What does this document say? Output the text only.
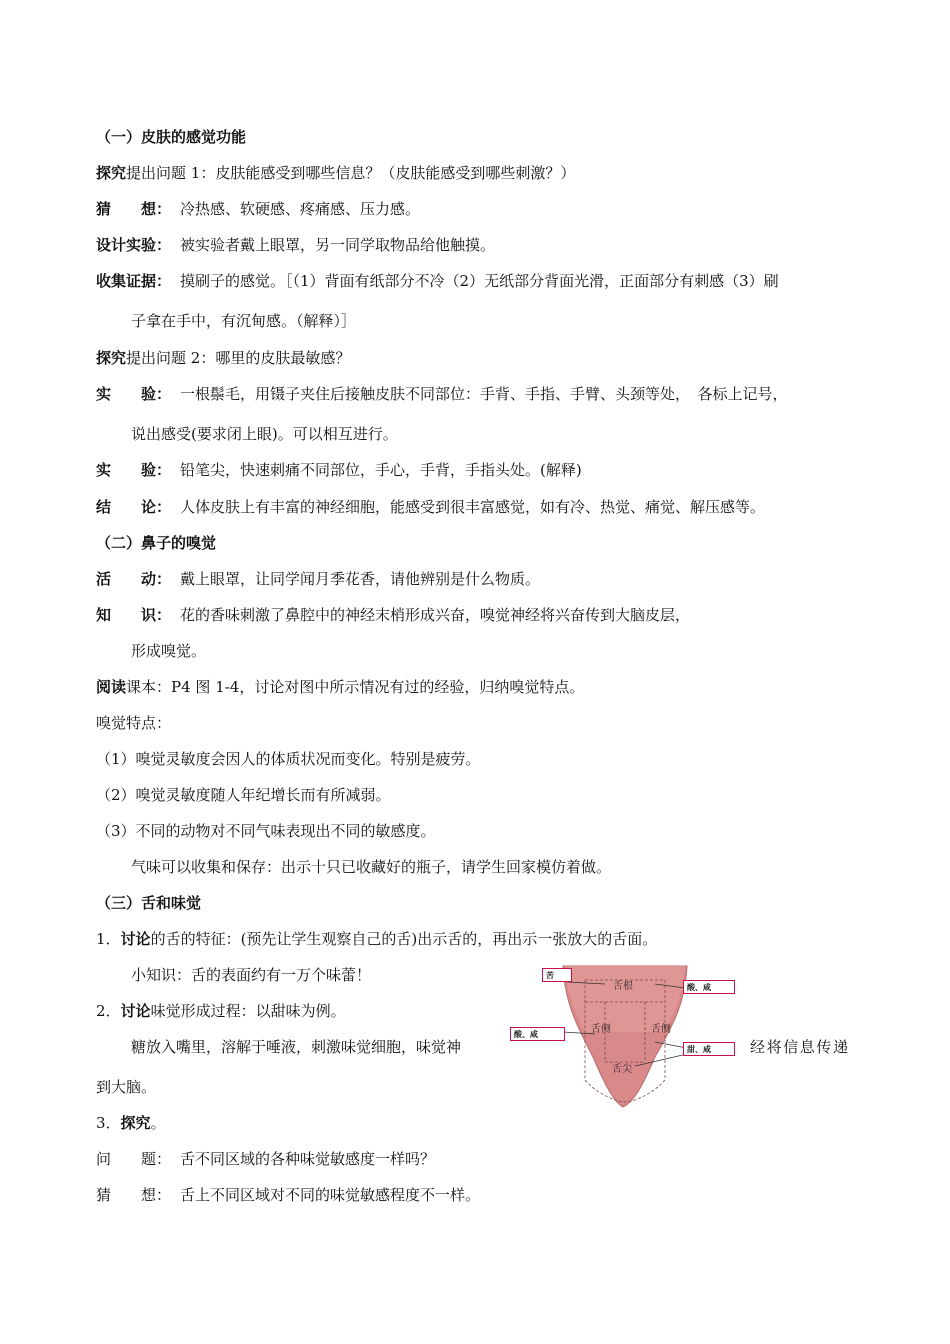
（一）皮肤的感觉功能
探究提出问题 1：皮肤能感受到哪些信息？（皮肤能感受到哪些刺激？）
猜　　想： 冷热感、软硬感、疼痛感、压力感。
设计实验： 被实验者戴上眼罩，另一同学取物品给他触摸。
收集证据： 摸刷子的感觉。［（1）背面有纸部分不冷（2）无纸部分背面光滑，正面部分有刺感（3）刷
子拿在手中，有沉甸感。（解释）］
探究提出问题 2：哪里的皮肤最敏感？
实　　验： 一根鬃毛，用镊子夹住后接触皮肤不同部位：手背、手指、手臂、头颈等处，　各标上记号，
说出感受(要求闭上眼)。可以相互进行。
实　　验： 铅笔尖，快速刺痛不同部位，手心，手背，手指头处。(解释)
结　　论： 人体皮肤上有丰富的神经细胞，能感受到很丰富感觉，如有冷、热觉、痛觉、解压感等。
（二）鼻子的嗅觉
活　　动： 戴上眼罩，让同学闻月季花香，请他辨别是什么物质。
知　　识： 花的香味刺激了鼻腔中的神经末梢形成兴奋，嗅觉神经将兴奋传到大脑皮层，
形成嗅觉。
阅读课本：P4 图 1-4，讨论对图中所示情况有过的经验，归纳嗅觉特点。
嗅觉特点：
（1）嗅觉灵敏度会因人的体质状况而变化。特别是疲劳。
（2）嗅觉灵敏度随人年纪增长而有所减弱。
（3）不同的动物对不同气味表现出不同的敏感度。
气味可以收集和保存：出示十只已收藏好的瓶子，请学生回家模仿着做。
（三）舌和味觉
1．讨论的舌的特征：(预先让学生观察自己的舌)出示舌的，再出示一张放大的舌面。
小知识：舌的表面约有一万个味蕾！
2．讨论味觉形成过程：以甜味为例。
糖放入嘴里，溶解于唾液，刺激味觉细胞，味觉神	经将信息传递
到大脑。
3．探究。
问　　题： 舌不同区域的各种味觉敏感度一样吗？
猜　　想： 舌上不同区域对不同的味觉敏感程度不一样。
舌根
舌侧	舌侧
舌尖
苦
酸、咸
酸、咸
甜、咸
